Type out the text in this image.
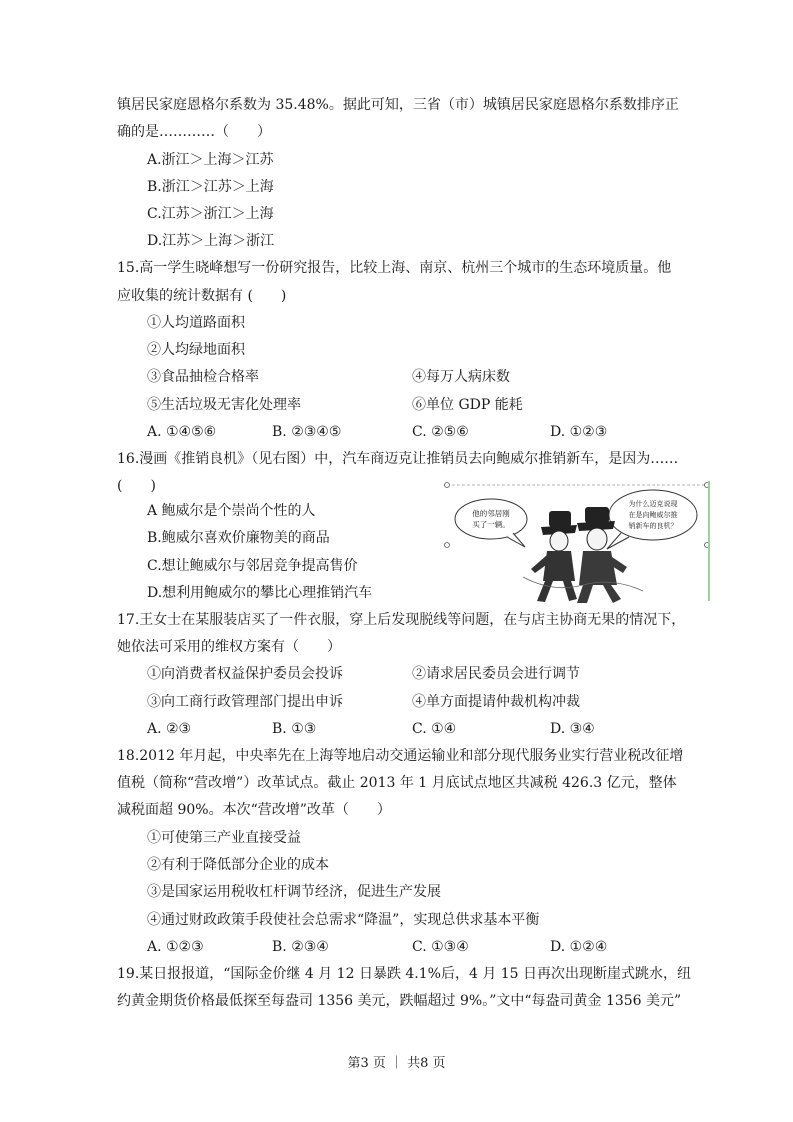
镇居民家庭恩格尔系数为 35.48%。据此可知，三省（市）城镇居民家庭恩格尔系数排序正
确的是…………（　　）
A.浙江＞上海＞江苏
B.浙江＞江苏＞上海
C.江苏＞浙江＞上海
D.江苏＞上海＞浙江
15.高一学生晓峰想写一份研究报告，比较上海、南京、杭州三个城市的生态环境质量。他
应收集的统计数据有 (　　)
①人均道路面积
②人均绿地面积
③食品抽检合格率	④每万人病床数
⑤生活垃圾无害化处理率	⑥单位 GDP 能耗
A. ①④⑤⑥	B. ②③④⑤	C. ②⑤⑥	D. ①②③
16.漫画《推销良机》（见右图）中，汽车商迈克让推销员去向鲍威尔推销新车，是因为……
(　　)
A 鲍威尔是个崇尚个性的人
B.鲍威尔喜欢价廉物美的商品
C.想让鲍威尔与邻居竞争提高售价
D.想利用鲍威尔的攀比心理推销汽车
他的邻居刚
买了一辆。
为什么迈克说现
在是向鲍威尔推
销新车的良机？
17.王女士在某服装店买了一件衣服，穿上后发现脱线等问题，在与店主协商无果的情况下，
她依法可采用的维权方案有（　　）
①向消费者权益保护委员会投诉	②请求居民委员会进行调节
③向工商行政管理部门提出申诉	④单方面提请仲裁机构冲裁
A. ②③	B. ①③	C. ①④	D. ③④
18.2012 年月起，中央率先在上海等地启动交通运输业和部分现代服务业实行营业税改征增
值税（简称“营改增”）改革试点。截止 2013 年 1 月底试点地区共减税 426.3 亿元，整体
减税面超 90%。本次“营改增”改革（　　）
①可使第三产业直接受益
②有利于降低部分企业的成本
③是国家运用税收杠杆调节经济，促进生产发展
④通过财政政策手段使社会总需求“降温”，实现总供求基本平衡
A. ①②③	B. ②③④	C. ①③④	D. ①②④
19.某日报报道，“国际金价继 4 月 12 日暴跌 4.1%后，4 月 15 日再次出现断崖式跳水，纽
约黄金期货价格最低探至每盎司 1356 美元，跌幅超过 9%。”文中“每盎司黄金 1356 美元”
第3 页 ｜ 共8 页
